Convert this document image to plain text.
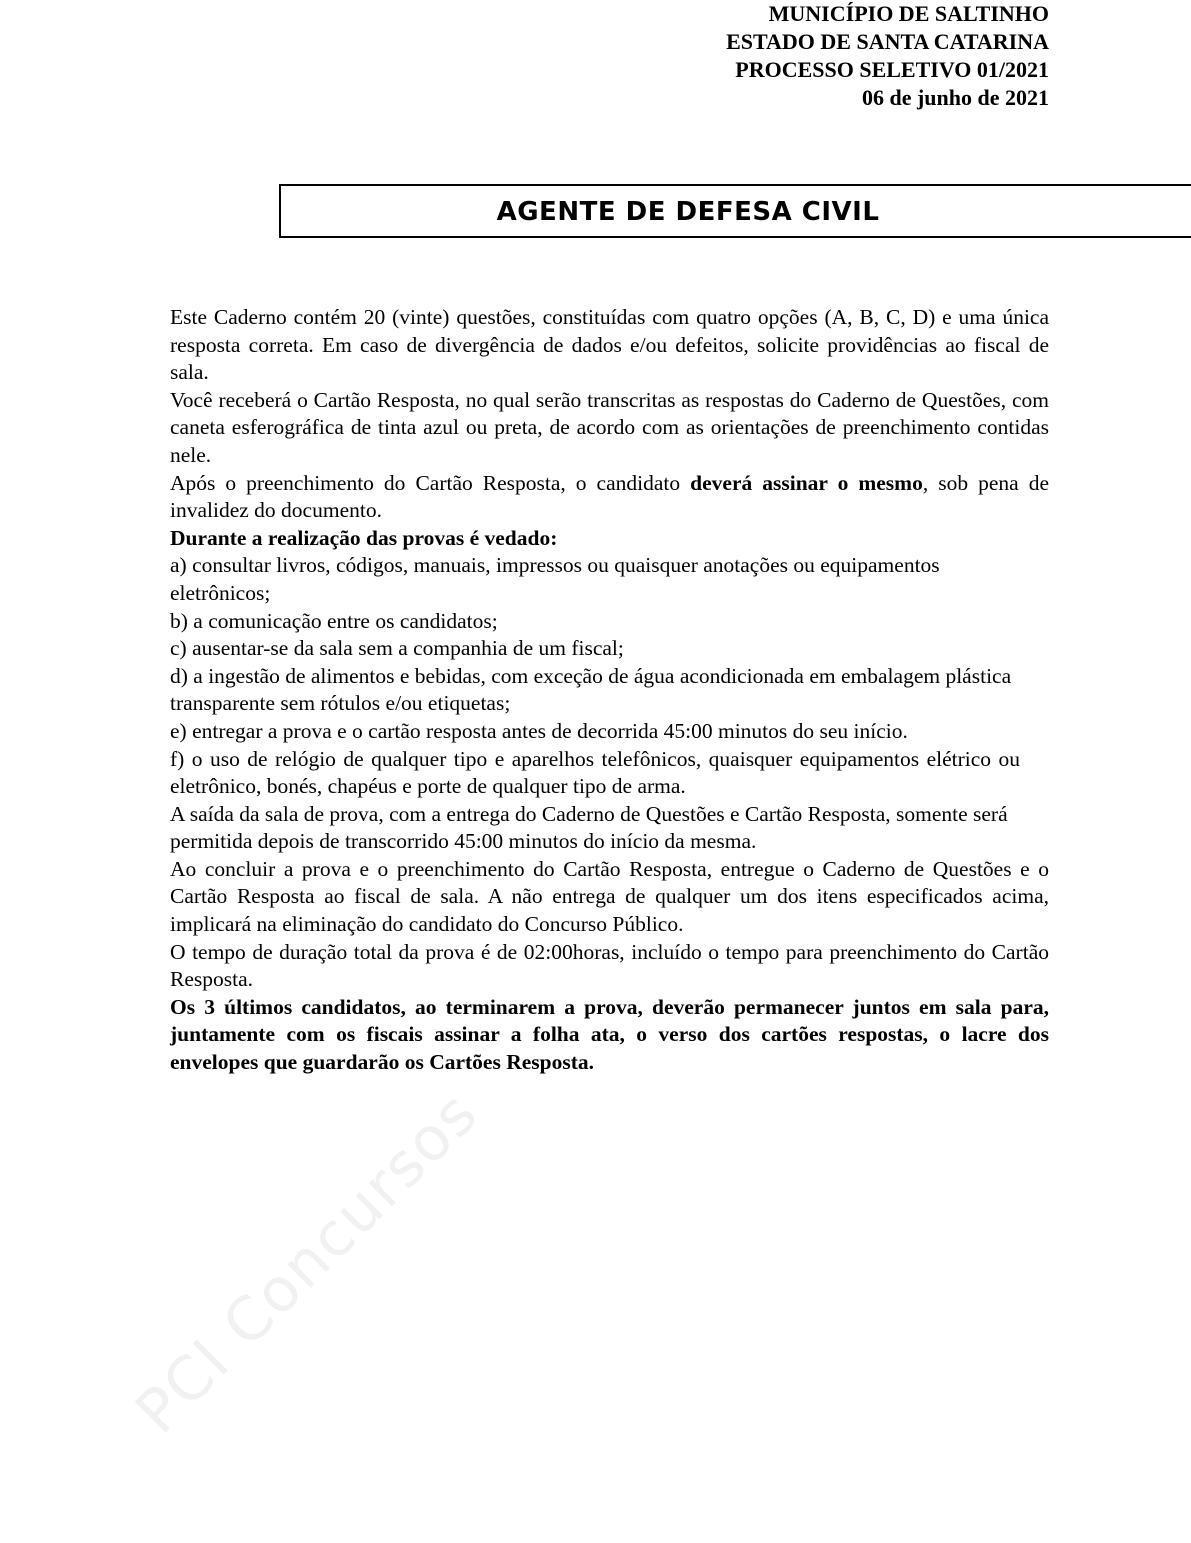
MUNICÍPIO DE SALTINHO
ESTADO DE SANTA CATARINA
PROCESSO SELETIVO 01/2021
06 de junho de 2021
AGENTE DE DEFESA CIVIL

Este Caderno contém 20 (vinte) questões, constituídas com quatro opções (A, B, C, D) e uma única resposta correta. Em caso de divergência de dados e/ou defeitos, solicite providências ao fiscal de sala.

Você receberá o Cartão Resposta, no qual serão transcritas as respostas do Caderno de Questões, com caneta esferográfica de tinta azul ou preta, de acordo com as orientações de preenchimento contidas nele.

Após o preenchimento do Cartão Resposta, o candidato deverá assinar o mesmo, sob pena de invalidez do documento.

Durante a realização das provas é vedado:

a) consultar livros, códigos, manuais, impressos ou quaisquer anotações ou equipamentos eletrônicos;

b) a comunicação entre os candidatos;

c) ausentar-se da sala sem a companhia de um fiscal;

d) a ingestão de alimentos e bebidas, com exceção de água acondicionada em embalagem plástica transparente sem rótulos e/ou etiquetas;

e) entregar a prova e o cartão resposta antes de decorrida 45:00 minutos do seu início.

f) o uso de relógio de qualquer tipo e aparelhos telefônicos, quaisquer equipamentos elétrico ou eletrônico, bonés, chapéus e porte de qualquer tipo de arma.

A saída da sala de prova, com a entrega do Caderno de Questões e Cartão Resposta, somente será permitida depois de transcorrido 45:00 minutos do início da mesma.

Ao concluir a prova e o preenchimento do Cartão Resposta, entregue o Caderno de Questões e o Cartão Resposta ao fiscal de sala. A não entrega de qualquer um dos itens especificados acima, implicará na eliminação do candidato do Concurso Público.

O tempo de duração total da prova é de 02:00horas, incluído o tempo para preenchimento do Cartão Resposta.

Os 3 últimos candidatos, ao terminarem a prova, deverão permanecer juntos em sala para, juntamente com os fiscais assinar a folha ata, o verso dos cartões respostas, o lacre dos envelopes que guardarão os Cartões Resposta.

PCI Concursos
